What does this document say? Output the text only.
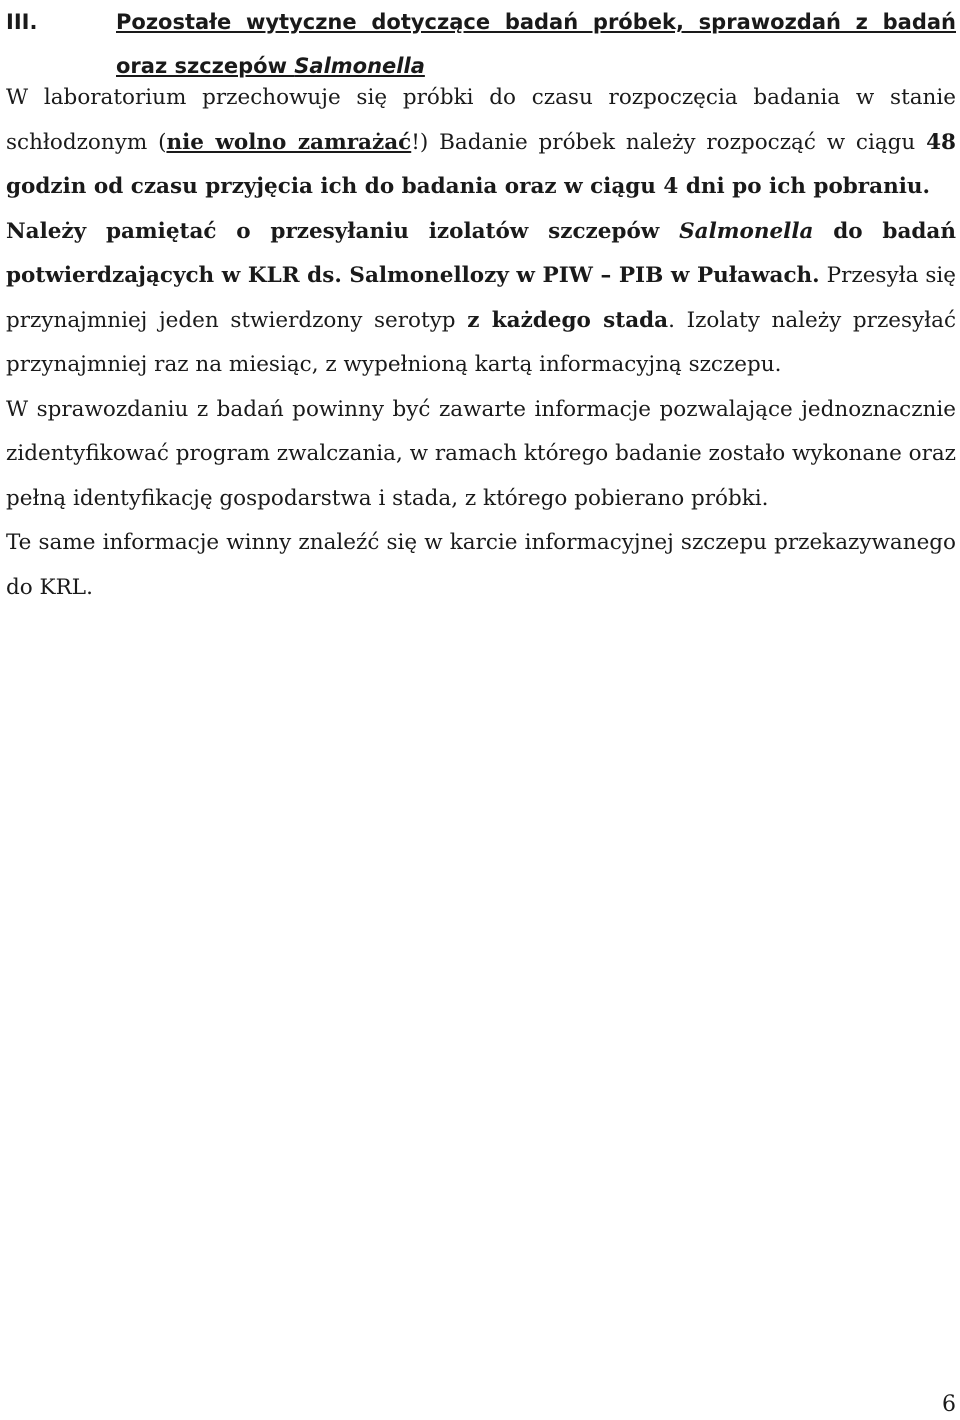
III.	Pozostałe wytyczne dotyczące badań próbek, sprawozdań z badań oraz szczepów Salmonella

W laboratorium przechowuje się próbki do czasu rozpoczęcia badania w stanie schłodzonym (nie wolno zamrażać!) Badanie próbek należy rozpocząć w ciągu 48 godzin od czasu przyjęcia ich do badania oraz w ciągu 4 dni po ich pobraniu.

Należy pamiętać o przesyłaniu izolatów szczepów Salmonella do badań potwierdzających w KLR ds. Salmonellozy w PIW – PIB w Puławach. Przesyła się przynajmniej jeden stwierdzony serotyp z każdego stada. Izolaty należy przesyłać przynajmniej raz na miesiąc, z wypełnioną kartą informacyjną szczepu.

W sprawozdaniu z badań powinny być zawarte informacje pozwalające jednoznacznie zidentyfikować program zwalczania, w ramach którego badanie zostało wykonane oraz pełną identyfikację gospodarstwa i stada, z którego pobierano próbki.

Te same informacje winny znaleźć się w karcie informacyjnej szczepu przekazywanego do KRL.

6
